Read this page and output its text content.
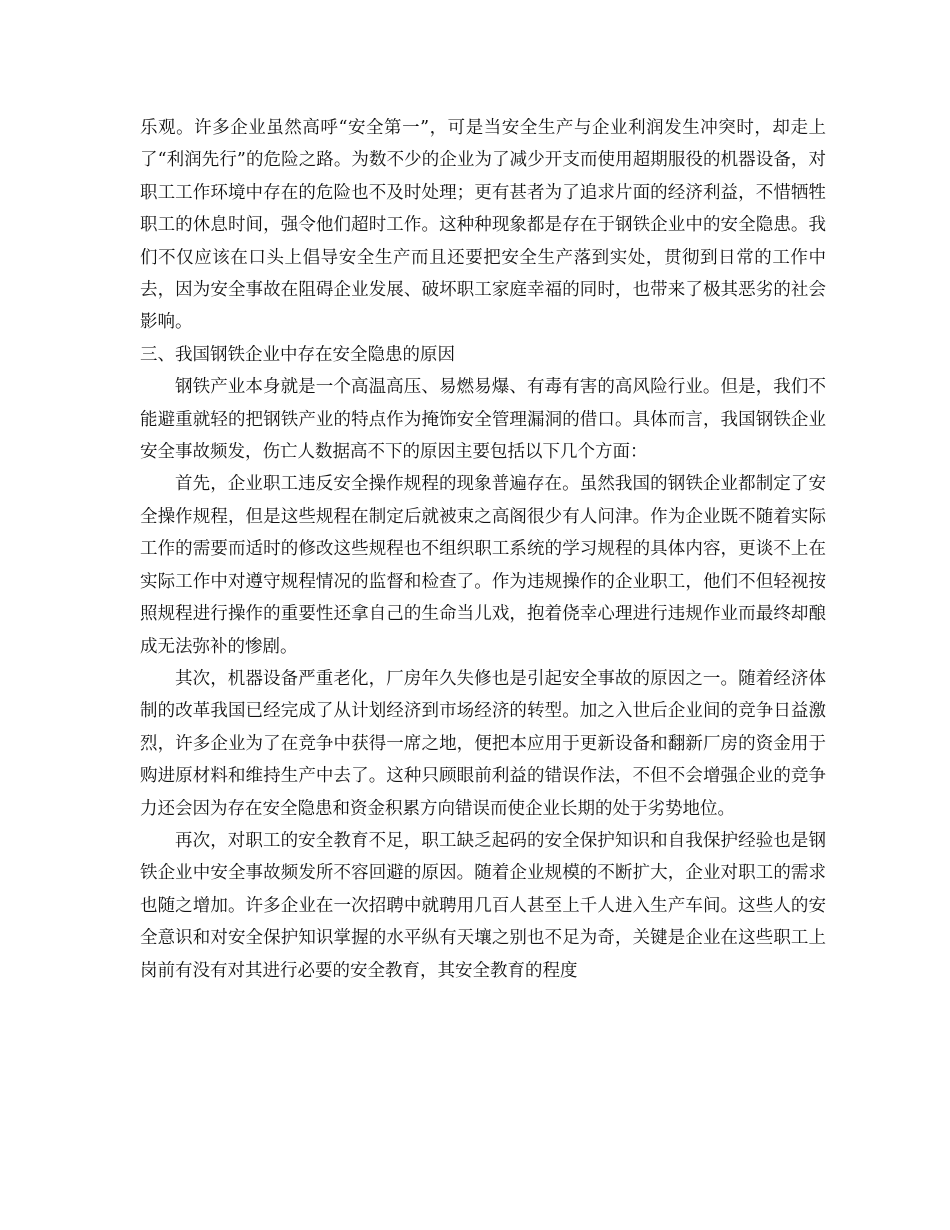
乐观。许多企业虽然高呼“安全第一”，可是当安全生产与企业利润发生冲突时，却走上了“利润先行”的危险之路。为数不少的企业为了减少开支而使用超期服役的机器设备，对职工工作环境中存在的危险也不及时处理；更有甚者为了追求片面的经济利益，不惜牺牲职工的休息时间，强令他们超时工作。这种种现象都是存在于钢铁企业中的安全隐患。我们不仅应该在口头上倡导安全生产而且还要把安全生产落到实处，贯彻到日常的工作中去，因为安全事故在阻碍企业发展、破坏职工家庭幸福的同时，也带来了极其恶劣的社会影响。

三、我国钢铁企业中存在安全隐患的原因

钢铁产业本身就是一个高温高压、易燃易爆、有毒有害的高风险行业。但是，我们不能避重就轻的把钢铁产业的特点作为掩饰安全管理漏洞的借口。具体而言，我国钢铁企业安全事故频发，伤亡人数据高不下的原因主要包括以下几个方面：

首先，企业职工违反安全操作规程的现象普遍存在。虽然我国的钢铁企业都制定了安全操作规程，但是这些规程在制定后就被束之高阁很少有人问津。作为企业既不随着实际工作的需要而适时的修改这些规程也不组织职工系统的学习规程的具体内容，更谈不上在实际工作中对遵守规程情况的监督和检查了。作为违规操作的企业职工，他们不但轻视按照规程进行操作的重要性还拿自己的生命当儿戏，抱着侥幸心理进行违规作业而最终却酿成无法弥补的惨剧。

其次，机器设备严重老化，厂房年久失修也是引起安全事故的原因之一。随着经济体制的改革我国已经完成了从计划经济到市场经济的转型。加之入世后企业间的竞争日益激烈，许多企业为了在竞争中获得一席之地，便把本应用于更新设备和翻新厂房的资金用于购进原材料和维持生产中去了。这种只顾眼前利益的错误作法，不但不会增强企业的竞争力还会因为存在安全隐患和资金积累方向错误而使企业长期的处于劣势地位。

再次，对职工的安全教育不足，职工缺乏起码的安全保护知识和自我保护经验也是钢铁企业中安全事故频发所不容回避的原因。随着企业规模的不断扩大，企业对职工的需求也随之增加。许多企业在一次招聘中就聘用几百人甚至上千人进入生产车间。这些人的安全意识和对安全保护知识掌握的水平纵有天壤之别也不足为奇，关键是企业在这些职工上岗前有没有对其进行必要的安全教育，其安全教育的程度
